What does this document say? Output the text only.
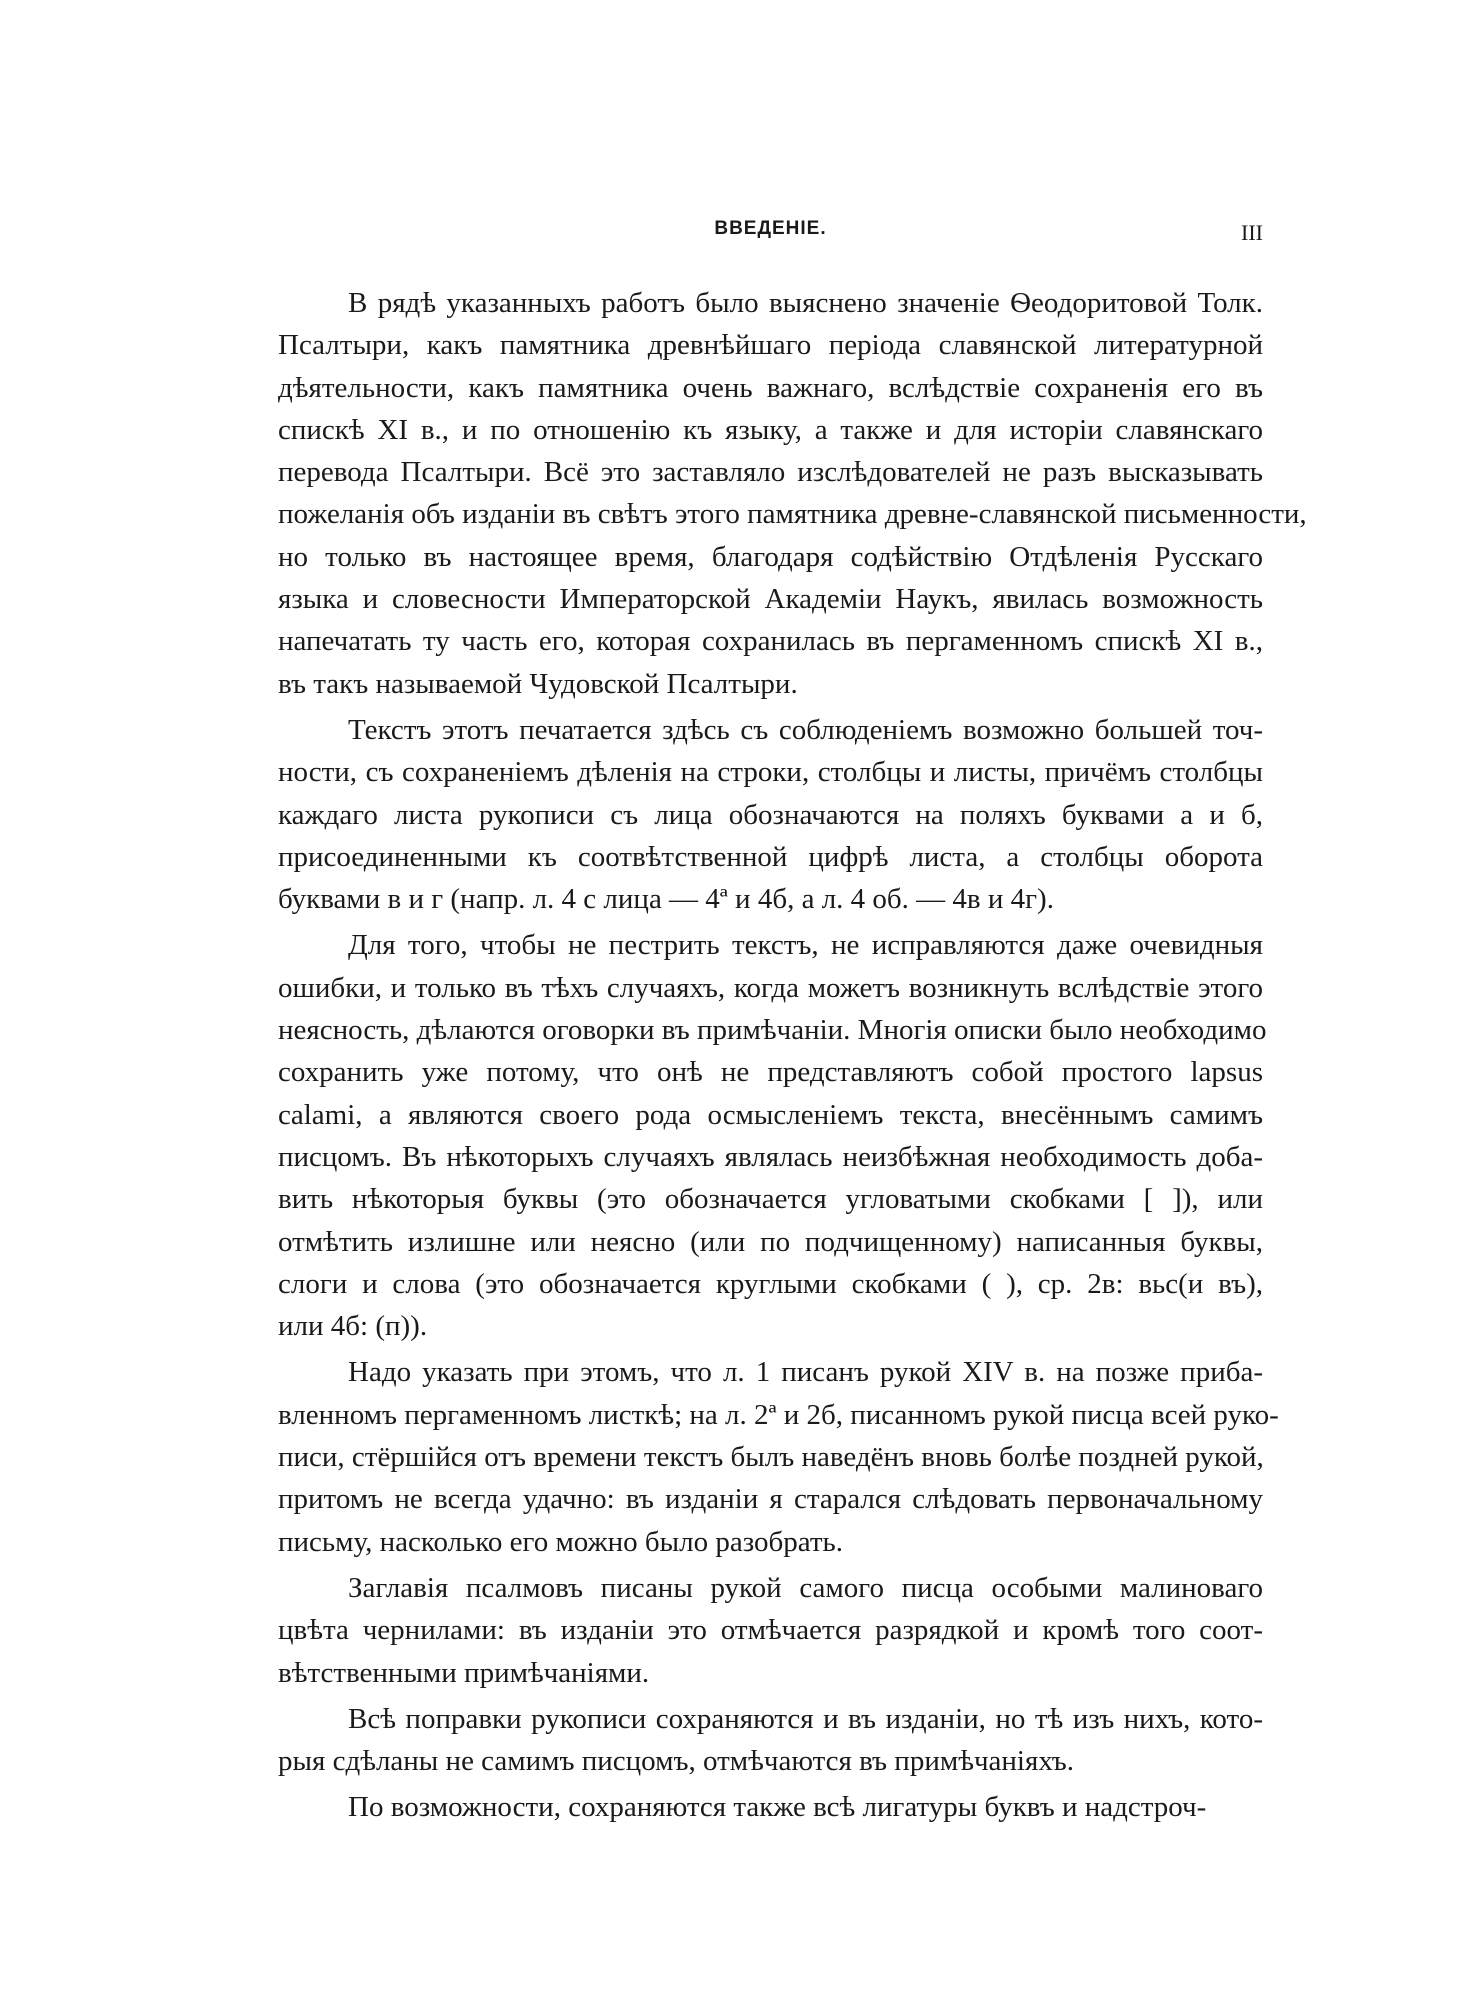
ВВЕДЕНІЕ.	III
В рядѣ указанныхъ работъ было выяснено значеніе Ѳеодоритовой Толк.
Псалтыри, какъ памятника древнѣйшаго періода славянской литературной
дѣятельности, какъ памятника очень важнаго, вслѣдствіе сохраненія его въ
спискѣ XI в., и по отношенію къ языку, а также и для исторіи славянскаго
перевода Псалтыри. Всё это заставляло изслѣдователей не разъ высказывать
пожеланія объ изданіи въ свѣтъ этого памятника древне-славянской письменности,
но только въ настоящее время, благодаря содѣйствію Отдѣленія Русскаго
языка и словесности Императорской Академіи Наукъ, явилась возможность
напечатать ту часть его, которая сохранилась въ пергаменномъ спискѣ XI в.,
въ такъ называемой Чудовской Псалтыри.
Текстъ этотъ печатается здѣсь съ соблюденіемъ возможно большей точ-
ности, съ сохраненіемъ дѣленія на строки, столбцы и листы, причёмъ столбцы
каждаго листа рукописи съ лица обозначаются на поляхъ буквами а и б,
присоединенными къ соотвѣтственной цифрѣ листа, а столбцы оборота
буквами в и г (напр. л. 4 с лица — 4ª и 4б, а л. 4 об. — 4в и 4г).
Для того, чтобы не пестрить текстъ, не исправляются даже очевидныя
ошибки, и только въ тѣхъ случаяхъ, когда можетъ возникнуть вслѣдствіе этого
неясность, дѣлаются оговорки въ примѣчаніи. Многія описки было необходимо
сохранить уже потому, что онѣ не представляютъ собой простого lapsus
calami, а являются своего рода осмысленіемъ текста, внесённымъ самимъ
писцомъ. Въ нѣкоторыхъ случаяхъ являлась неизбѣжная необходимость доба-
вить нѣкоторыя буквы (это обозначается угловатыми скобками [ ]), или
отмѣтить излишне или неясно (или по подчищенному) написанныя буквы,
слоги и слова (это обозначается круглыми скобками ( ), ср. 2в: вьс(и въ),
или 4б: (п)).
Надо указать при этомъ, что л. 1 писанъ рукой XIV в. на позже приба-
вленномъ пергаменномъ листкѣ; на л. 2ª и 2б, писанномъ рукой писца всей руко-
писи, стёршійся отъ времени текстъ былъ наведёнъ вновь болѣе поздней рукой,
притомъ не всегда удачно: въ изданіи я старался слѣдовать первоначальному
письму, насколько его можно было разобрать.
Заглавія псалмовъ писаны рукой самого писца особыми малиноваго
цвѣта чернилами: въ изданіи это отмѣчается разрядкой и кромѣ того соот-
вѣтственными примѣчаніями.
Всѣ поправки рукописи сохраняются и въ изданіи, но тѣ изъ нихъ, кото-
рыя сдѣланы не самимъ писцомъ, отмѣчаются въ примѣчаніяхъ.
По возможности, сохраняются также всѣ лигатуры буквъ и надстроч-
